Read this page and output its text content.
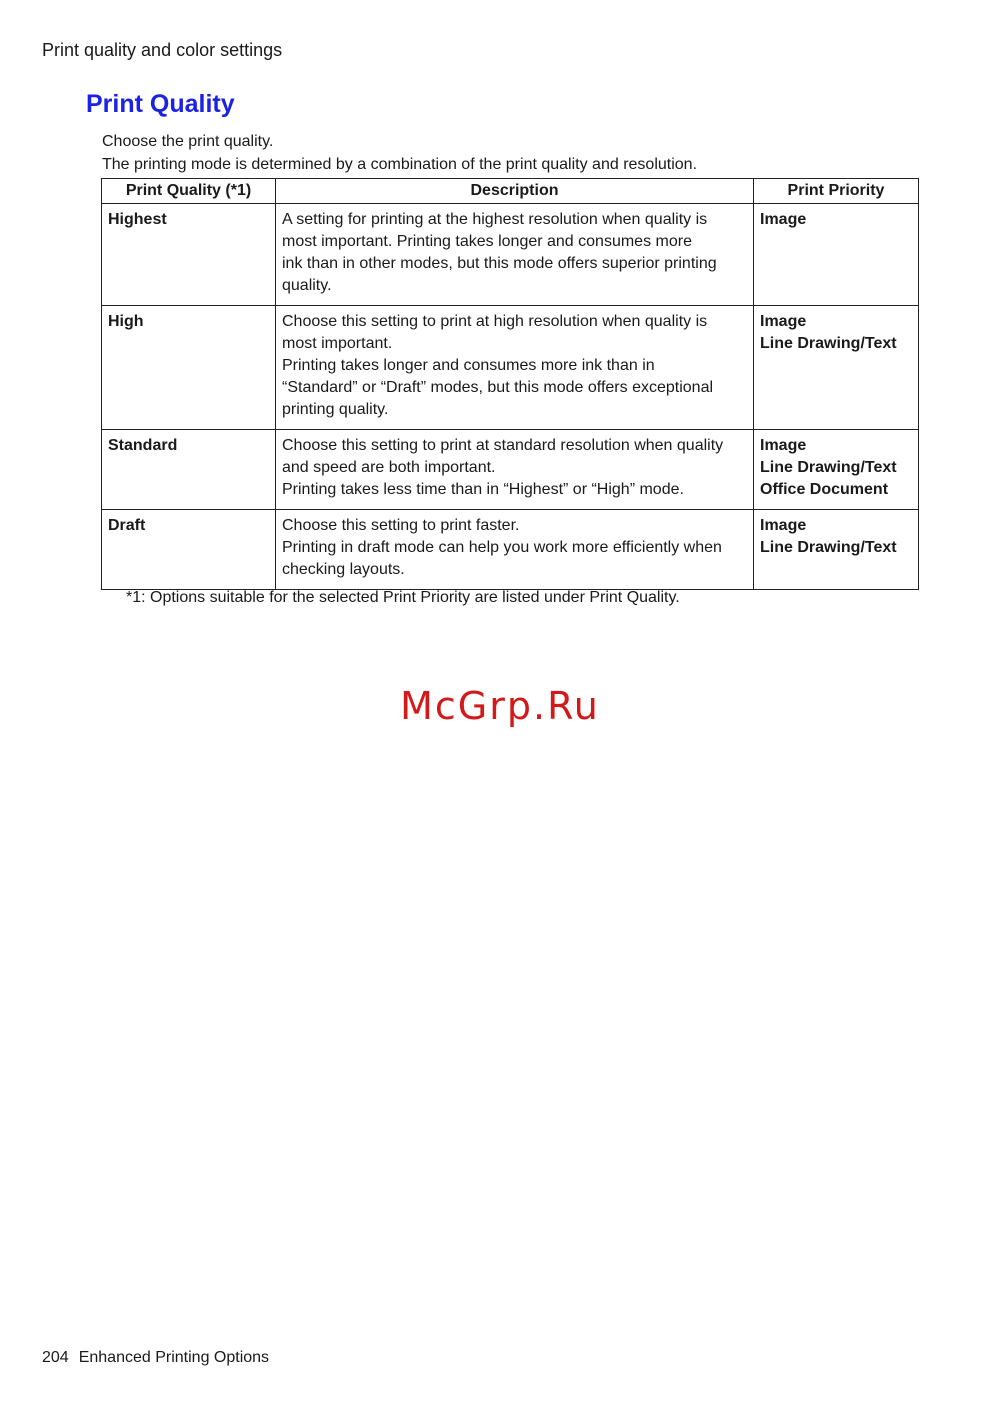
Print quality and color settings
Print Quality

Choose the print quality.

The printing mode is determined by a combination of the print quality and resolution.

Print Quality (*1)	Description	Print Priority
Highest	A setting for printing at the highest resolution when quality is
most important. Printing takes longer and consumes more
ink than in other modes, but this mode offers superior printing
quality.	Image

High	Choose this setting to print at high resolution when quality is
most important.
Printing takes longer and consumes more ink than in
“Standard” or “Draft” modes, but this mode offers exceptional
printing quality.	Image
Line Drawing/Text

Standard	Choose this setting to print at standard resolution when quality
and speed are both important.
Printing takes less time than in “Highest” or “High” mode.	Image
Line Drawing/Text
Office Document

Draft	Choose this setting to print faster.
Printing in draft mode can help you work more efficiently when
checking layouts.	Image
Line Drawing/Text
*1: Options suitable for the selected Print Priority are listed under Print Quality.
McGrp.Ru
204 Enhanced Printing Options
